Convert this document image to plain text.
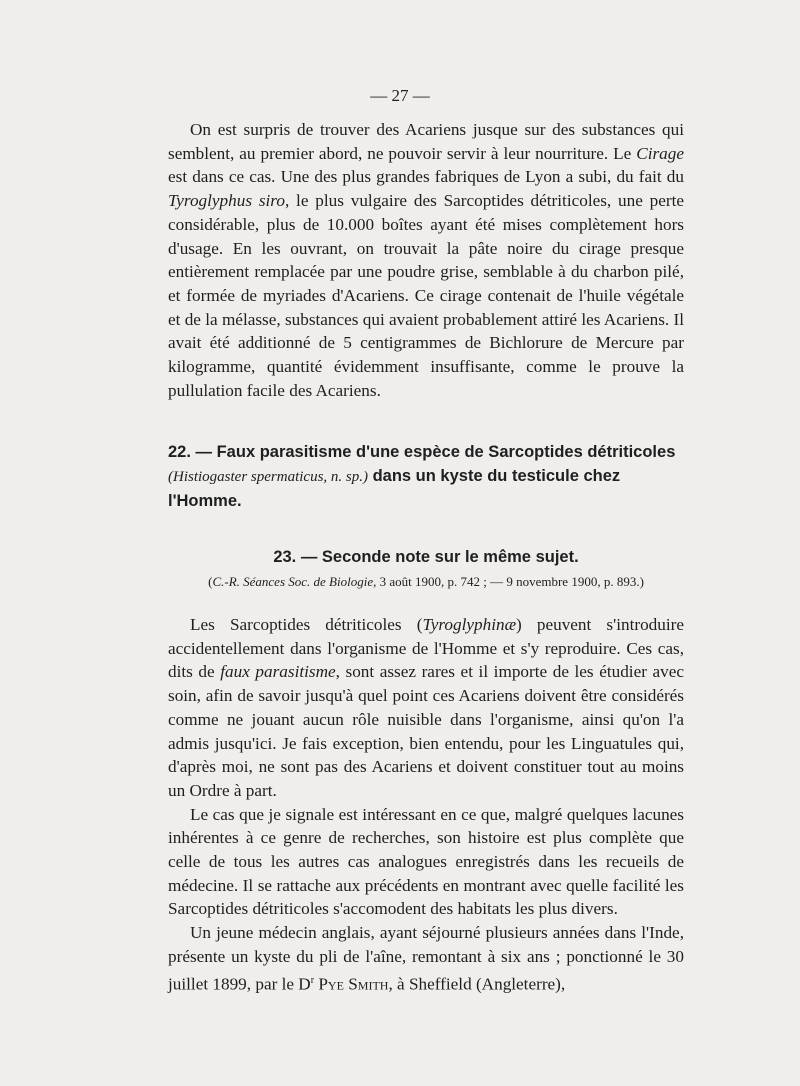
— 27 —

On est surpris de trouver des Acariens jusque sur des substances qui semblent, au premier abord, ne pouvoir servir à leur nourriture. Le Cirage est dans ce cas. Une des plus grandes fabriques de Lyon a subi, du fait du Tyroglyphus siro, le plus vulgaire des Sarcoptides détriticoles, une perte considérable, plus de 10.000 boîtes ayant été mises complètement hors d'usage. En les ouvrant, on trouvait la pâte noire du cirage presque entièrement remplacée par une poudre grise, semblable à du charbon pilé, et formée de myriades d'Acariens. Ce cirage contenait de l'huile végétale et de la mélasse, substances qui avaient probablement attiré les Acariens. Il avait été additionné de 5 centigrammes de Bichlorure de Mercure par kilogramme, quantité évidemment insuffisante, comme le prouve la pullulation facile des Acariens.

22. — Faux parasitisme d'une espèce de Sarcoptides détriticoles (Histiogaster spermaticus, n. sp.) dans un kyste du testicule chez l'Homme.

23. — Seconde note sur le même sujet.

(C.-R. Séances Soc. de Biologie, 3 août 1900, p. 742 ; — 9 novembre 1900, p. 893.)

Les Sarcoptides détriticoles (Tyroglyphinæ) peuvent s'introduire accidentellement dans l'organisme de l'Homme et s'y reproduire. Ces cas, dits de faux parasitisme, sont assez rares et il importe de les étudier avec soin, afin de savoir jusqu'à quel point ces Acariens doivent être considérés comme ne jouant aucun rôle nuisible dans l'organisme, ainsi qu'on l'a admis jusqu'ici. Je fais exception, bien entendu, pour les Linguatules qui, d'après moi, ne sont pas des Acariens et doivent constituer tout au moins un Ordre à part.

Le cas que je signale est intéressant en ce que, malgré quelques lacunes inhérentes à ce genre de recherches, son histoire est plus complète que celle de tous les autres cas analogues enregistrés dans les recueils de médecine. Il se rattache aux précédents en montrant avec quelle facilité les Sarcoptides détriticoles s'accomodent des habitats les plus divers.

Un jeune médecin anglais, ayant séjourné plusieurs années dans l'Inde, présente un kyste du pli de l'aîne, remontant à six ans ; ponctionné le 30 juillet 1899, par le $D^r$ Pye Smith, à Sheffield (Angleterre),
